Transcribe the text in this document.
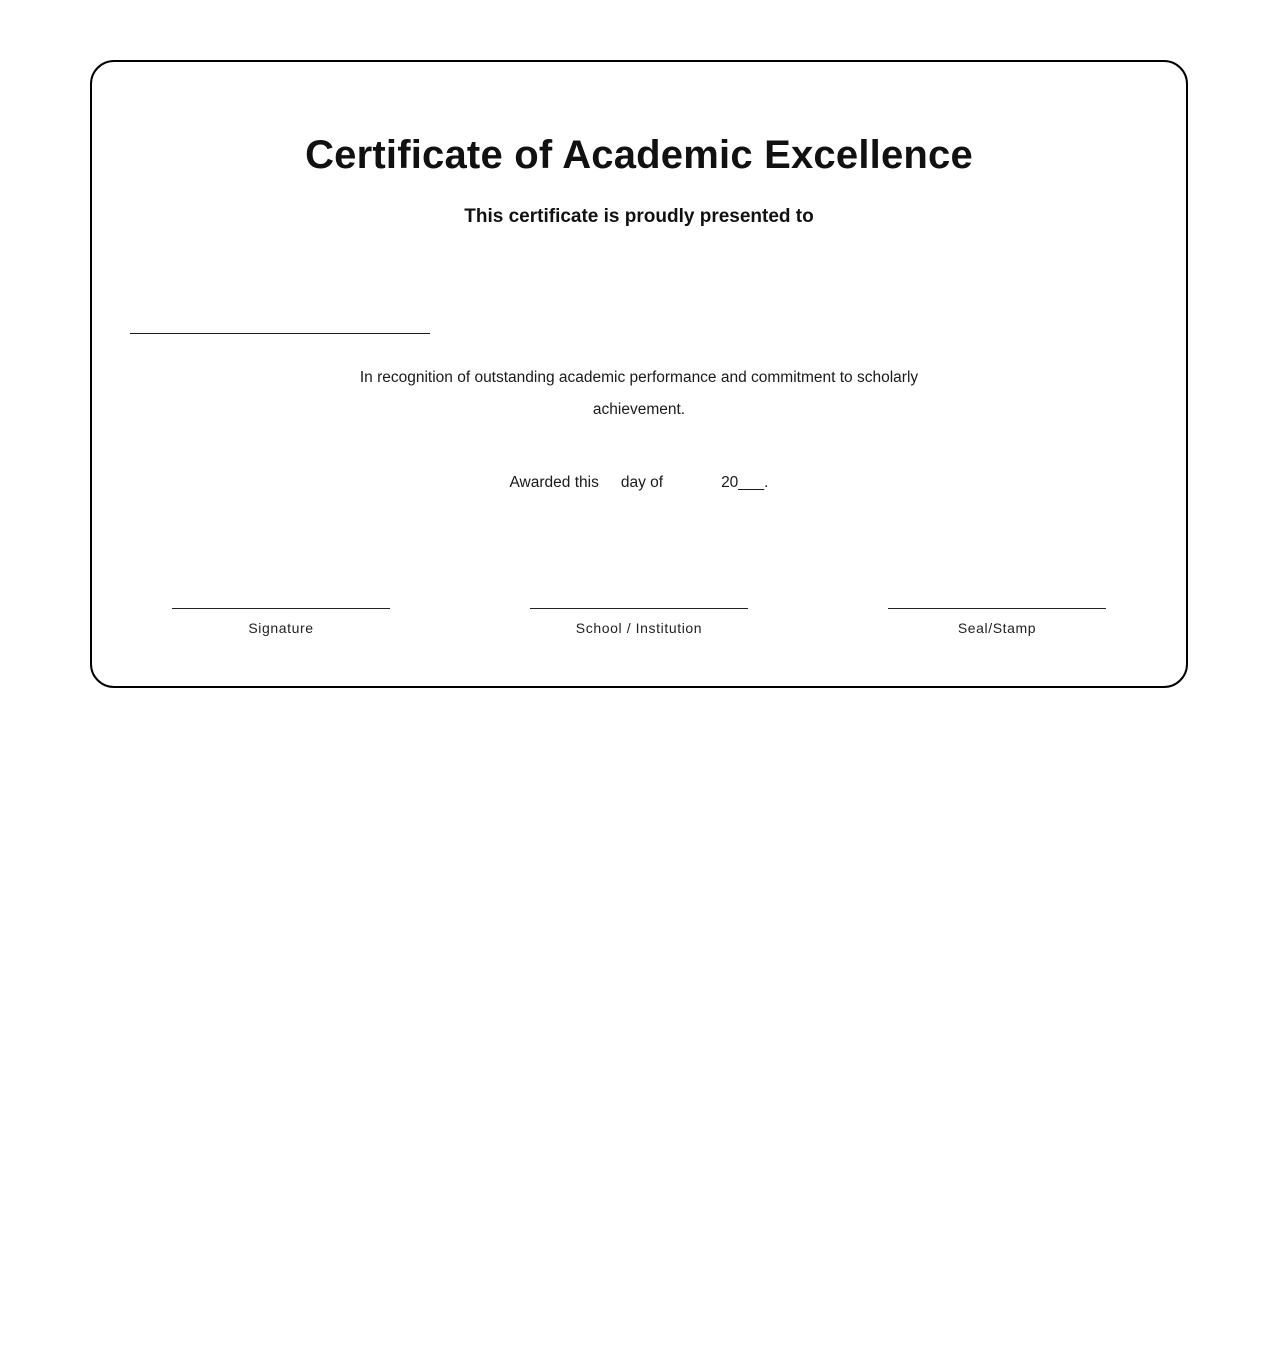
Certificate of Academic Excellence
This certificate is proudly presented to
In recognition of outstanding academic performance and commitment to scholarly
achievement.
Awarded this day of	20___.
Signature	School / Institution	Seal/Stamp
